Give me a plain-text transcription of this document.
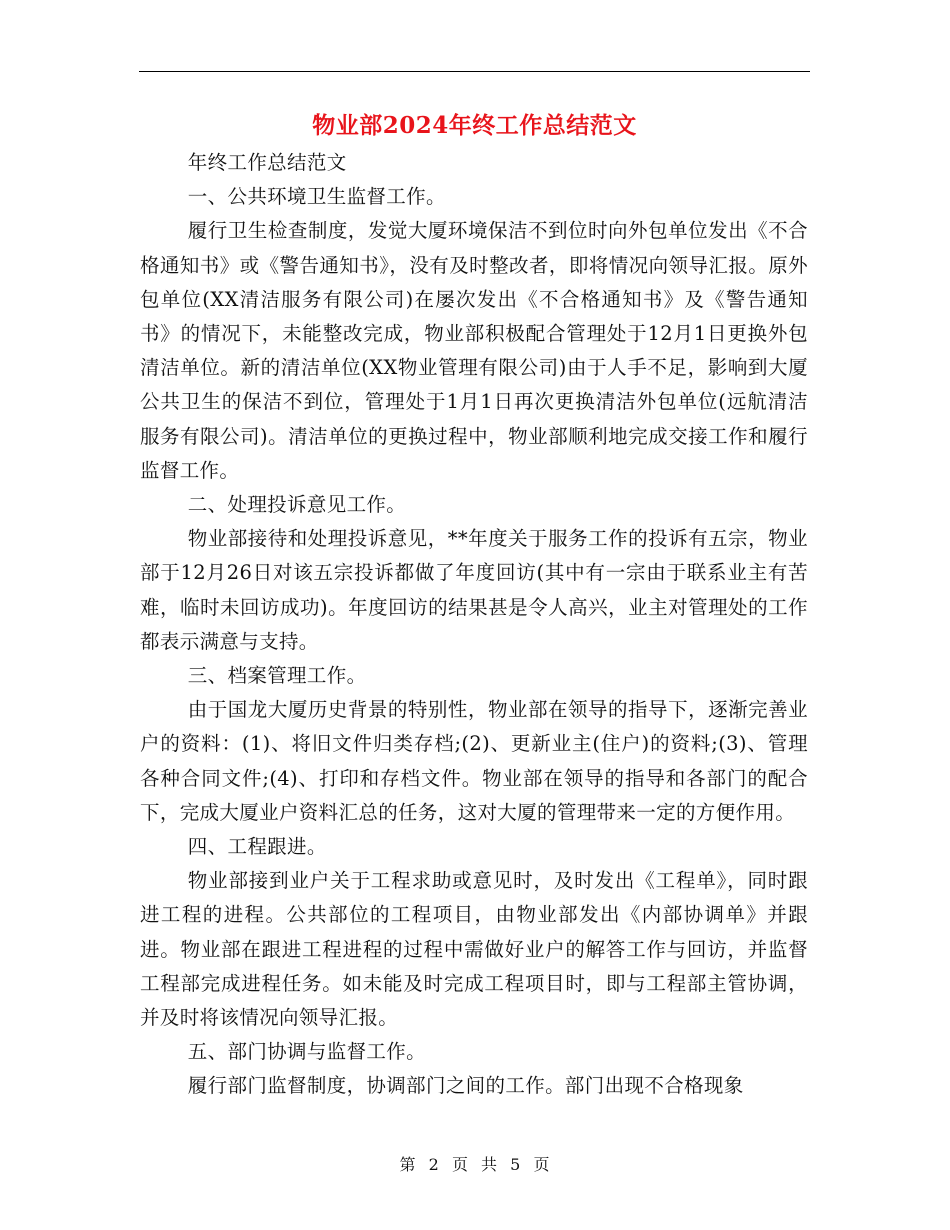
物业部2024年终工作总结范文

年终工作总结范文

一、公共环境卫生监督工作。

履行卫生检查制度，发觉大厦环境保洁不到位时向外包单位发出《不合格通知书》或《警告通知书》，没有及时整改者，即将情况向领导汇报。原外包单位(XX清洁服务有限公司)在屡次发出《不合格通知书》及《警告通知书》的情况下，未能整改完成，物业部积极配合管理处于12月1日更换外包清洁单位。新的清洁单位(XX物业管理有限公司)由于人手不足，影响到大厦公共卫生的保洁不到位，管理处于1月1日再次更换清洁外包单位(远航清洁服务有限公司)。清洁单位的更换过程中，物业部顺利地完成交接工作和履行监督工作。

二、处理投诉意见工作。

物业部接待和处理投诉意见，**年度关于服务工作的投诉有五宗，物业部于12月26日对该五宗投诉都做了年度回访(其中有一宗由于联系业主有苦难，临时未回访成功)。年度回访的结果甚是令人高兴，业主对管理处的工作都表示满意与支持。

三、档案管理工作。

由于国龙大厦历史背景的特别性，物业部在领导的指导下，逐渐完善业户的资料：(1)、将旧文件归类存档;(2)、更新业主(住户)的资料;(3)、管理各种合同文件;(4)、打印和存档文件。物业部在领导的指导和各部门的配合下，完成大厦业户资料汇总的任务，这对大厦的管理带来一定的方便作用。

四、工程跟进。

物业部接到业户关于工程求助或意见时，及时发出《工程单》，同时跟进工程的进程。公共部位的工程项目，由物业部发出《内部协调单》并跟进。物业部在跟进工程进程的过程中需做好业户的解答工作与回访，并监督工程部完成进程任务。如未能及时完成工程项目时，即与工程部主管协调，并及时将该情况向领导汇报。

五、部门协调与监督工作。

履行部门监督制度，协调部门之间的工作。部门出现不合格现象

第 2 页 共 5 页
